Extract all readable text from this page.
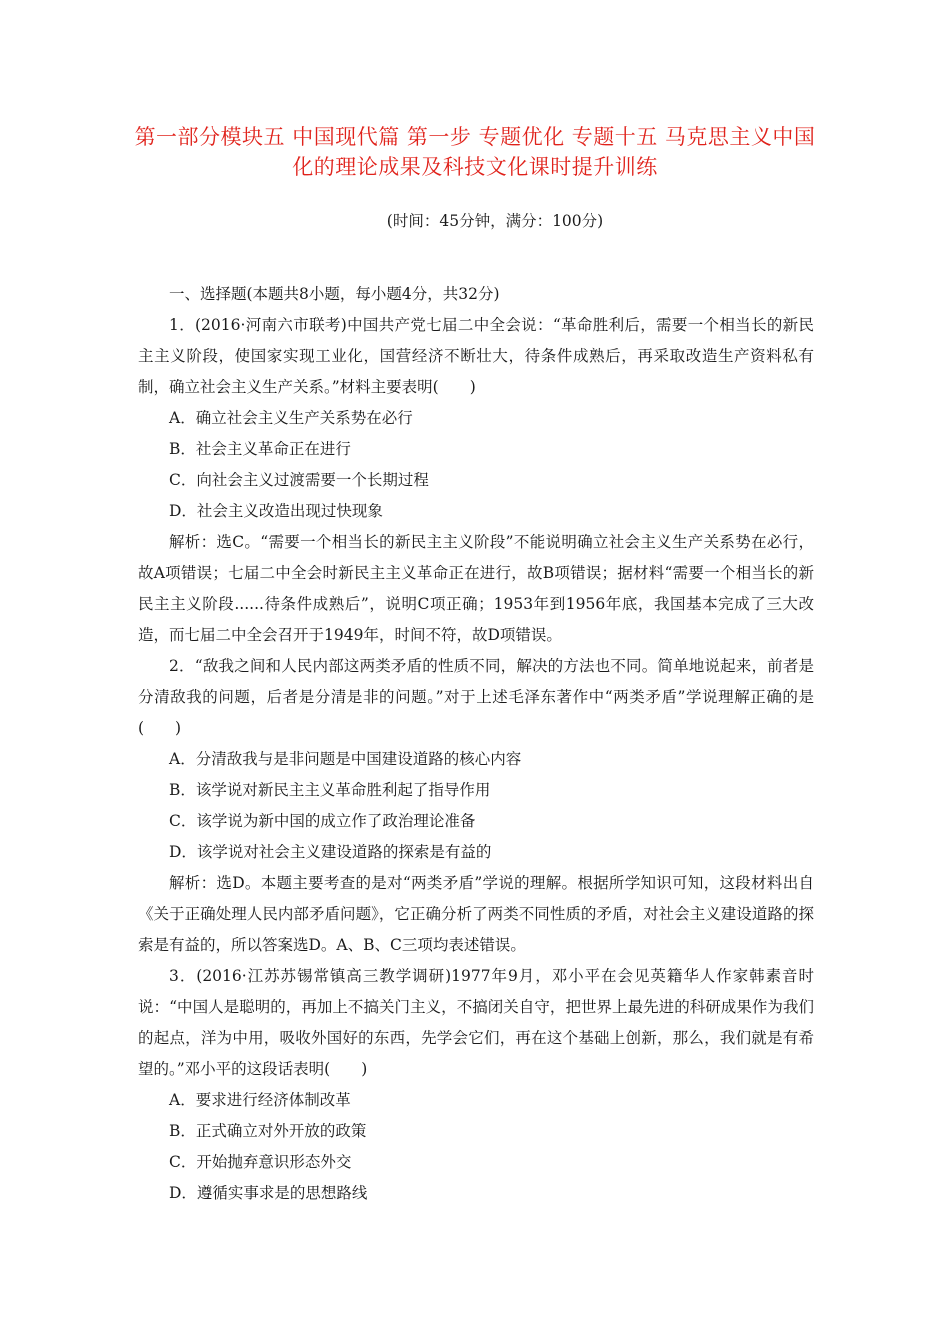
第一部分模块五 中国现代篇 第一步 专题优化 专题十五 马克思主义中国化的理论成果及科技文化课时提升训练
(时间：45分钟，满分：100分)

一、选择题(本题共8小题，每小题4分，共32分)

1．(2016·河南六市联考)中国共产党七届二中全会说：“革命胜利后，需要一个相当长的新民主主义阶段，使国家实现工业化，国营经济不断壮大，待条件成熟后，再采取改造生产资料私有制，确立社会主义生产关系。”材料主要表明(　　)

A．确立社会主义生产关系势在必行

B．社会主义革命正在进行

C．向社会主义过渡需要一个长期过程

D．社会主义改造出现过快现象

解析：选C。“需要一个相当长的新民主主义阶段”不能说明确立社会主义生产关系势在必行，故A项错误；七届二中全会时新民主主义革命正在进行，故B项错误；据材料“需要一个相当长的新民主主义阶段......待条件成熟后”，说明C项正确；1953年到1956年底，我国基本完成了三大改造，而七届二中全会召开于1949年，时间不符，故D项错误。

2．“敌我之间和人民内部这两类矛盾的性质不同，解决的方法也不同。简单地说起来，前者是分清敌我的问题，后者是分清是非的问题。”对于上述毛泽东著作中“两类矛盾”学说理解正确的是(　　)

A．分清敌我与是非问题是中国建设道路的核心内容

B．该学说对新民主主义革命胜利起了指导作用

C．该学说为新中国的成立作了政治理论准备

D．该学说对社会主义建设道路的探索是有益的

解析：选D。本题主要考查的是对“两类矛盾”学说的理解。根据所学知识可知，这段材料出自《关于正确处理人民内部矛盾问题》，它正确分析了两类不同性质的矛盾，对社会主义建设道路的探索是有益的，所以答案选D。A、B、C三项均表述错误。

3．(2016·江苏苏锡常镇高三教学调研)1977年9月，邓小平在会见英籍华人作家韩素音时说：“中国人是聪明的，再加上不搞关门主义，不搞闭关自守，把世界上最先进的科研成果作为我们的起点，洋为中用，吸收外国好的东西，先学会它们，再在这个基础上创新，那么，我们就是有希望的。”邓小平的这段话表明(　　)

A．要求进行经济体制改革

B．正式确立对外开放的政策

C．开始抛弃意识形态外交

D．遵循实事求是的思想路线
